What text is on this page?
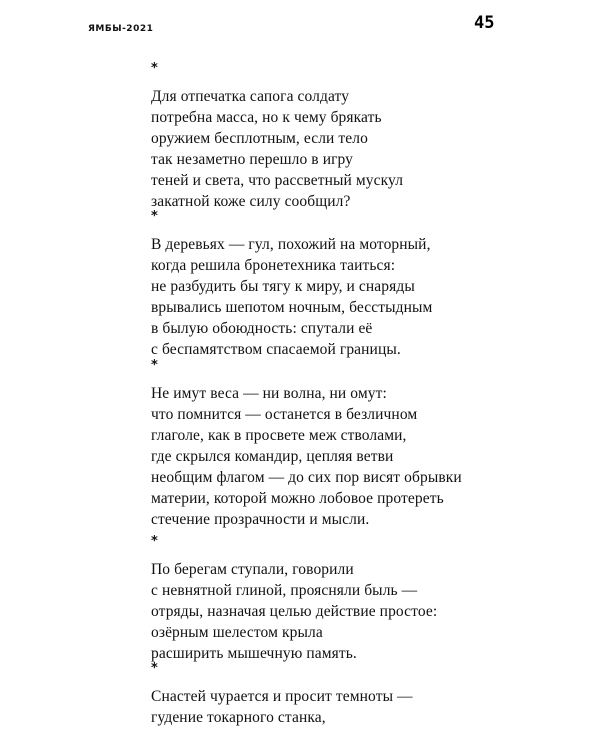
ЯМБЫ-2021	45
*
Для отпечатка сапога солдату
потребна масса, но к чему брякать
оружием бесплотным, если тело
так незаметно перешло в игру
теней и света, что рассветный мускул
закатной коже силу сообщил?
*
В деревьях — гул, похожий на моторный,
когда решила бронетехника таиться:
не разбудить бы тягу к миру, и снаряды
врывались шепотом ночным, бесстыдным
в былую обоюдность: спутали её
с беспамятством спасаемой границы.
*
Не имут веса — ни волна, ни омут:
что помнится — останется в безличном
глаголе, как в просвете меж стволами,
где скрылся командир, цепляя ветви
необщим флагом — до сих пор висят обрывки
материи, которой можно лобовое протереть
стечение прозрачности и мысли.
*
По берегам ступали, говорили
с невнятной глиной, проясняли быль —
отряды, назначая целью действие простое:
озёрным шелестом крыла
расширить мышечную память.
*
Снастей чурается и просит темноты —
гудение токарного станка,
